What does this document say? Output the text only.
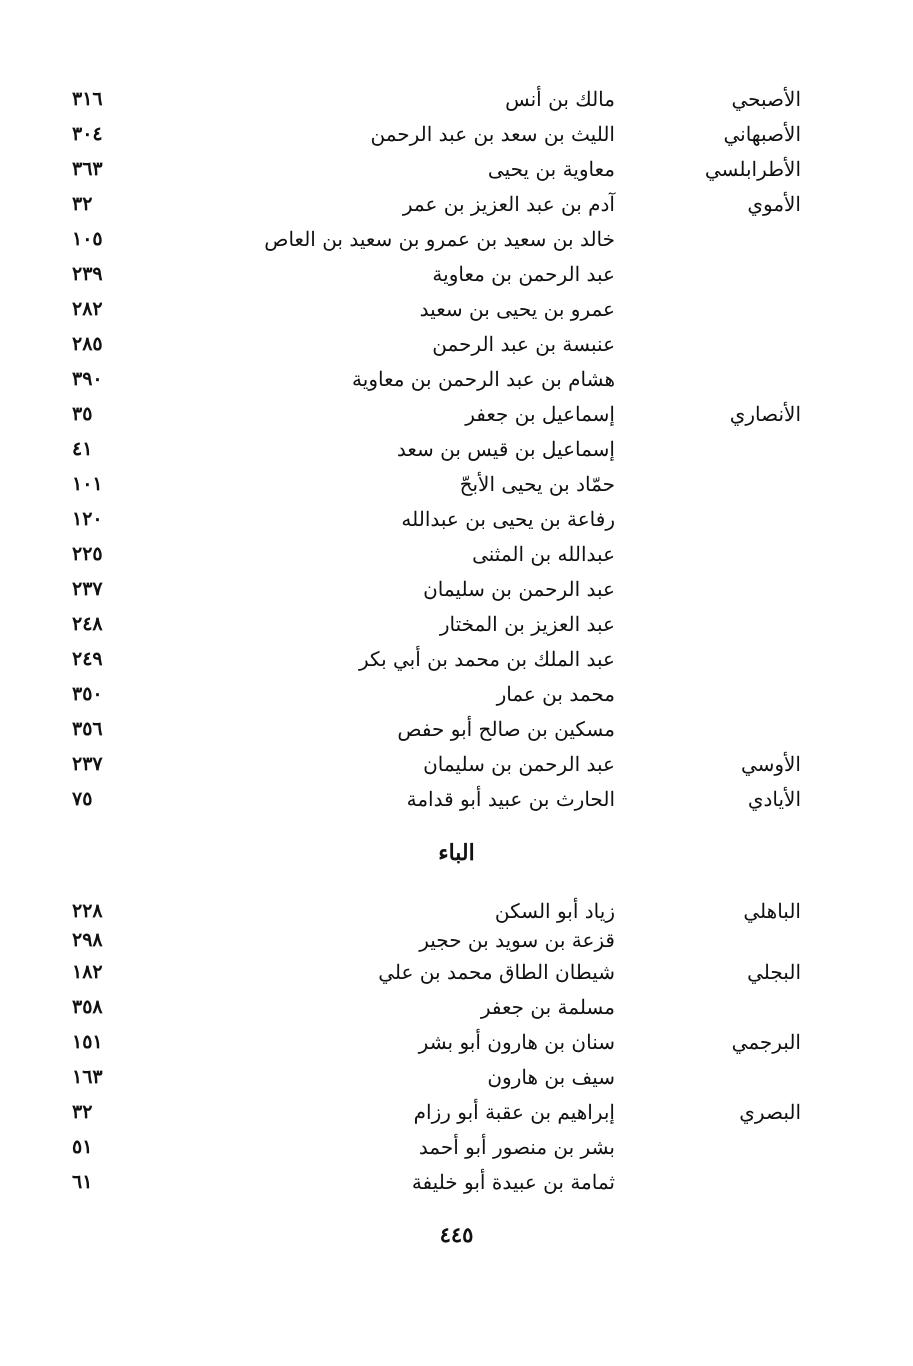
الأصبحي
مالك بن أنس
٣١٦
الأصبهاني
الليث بن سعد بن عبد الرحمن
٣٠٤
الأطرابلسي
معاوية بن يحيى
٣٦٣
الأموي
آدم بن عبد العزيز بن عمر
٣٢
خالد بن سعيد بن عمرو بن سعيد بن العاص
١٠٥
عبد الرحمن بن معاوية
٢٣٩
عمرو بن يحيى بن سعيد
٢٨٢
عنبسة بن عبد الرحمن
٢٨٥
هشام بن عبد الرحمن بن معاوية
٣٩٠
الأنصاري
إسماعيل بن جعفر
٣٥
إسماعيل بن قيس بن سعد
٤١
حمّاد بن يحيى الأبحّ
١٠١
رفاعة بن يحيى بن عبدالله
١٢٠
عبدالله بن المثنى
٢٢٥
عبد الرحمن بن سليمان
٢٣٧
عبد العزيز بن المختار
٢٤٨
عبد الملك بن محمد بن أبي بكر
٢٤٩
محمد بن عمار
٣٥٠
مسكين بن صالح أبو حفص
٣٥٦
الأوسي
عبد الرحمن بن سليمان
٢٣٧
الأيادي
الحارث بن عبيد أبو قدامة
٧٥
الباء
الباهلي
زياد أبو السكن
٢٢٨
قزعة بن سويد بن حجير
٢٩٨
البجلي
شيطان الطاق محمد بن علي
١٨٢
مسلمة بن جعفر
٣٥٨
البرجمي
سنان بن هارون أبو بشر
١٥١
سيف بن هارون
١٦٣
البصري
إبراهيم بن عقبة أبو رزام
٣٢
بشر بن منصور أبو أحمد
٥١
ثمامة بن عبيدة أبو خليفة
٦١
٤٤٥
